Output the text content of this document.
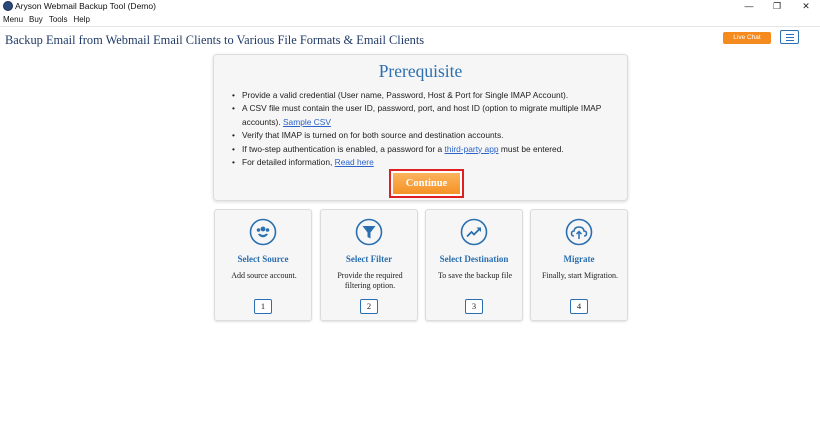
Aryson Webmail Backup Tool (Demo)	—	❐	✕
Menu Buy Tools Help
Backup Email from Webmail Email Clients to Various File Formats & Email Clients	Live Chat
Prerequisite
• Provide a valid credential (User name, Password, Host & Port for Single IMAP Account).
• A CSV file must contain the user ID, password, port, and host ID (option to migrate multiple IMAP accounts). Sample CSV
• Verify that IMAP is turned on for both source and destination accounts.
• If two-step authentication is enabled, a password for a third-party app must be entered.
• For detailed information, Read here
Continue
Select Source
Add source account.
1
Select Filter
Provide the required filtering option.
2
Select Destination
To save the backup file
3
Migrate
Finally, start Migration.
4
